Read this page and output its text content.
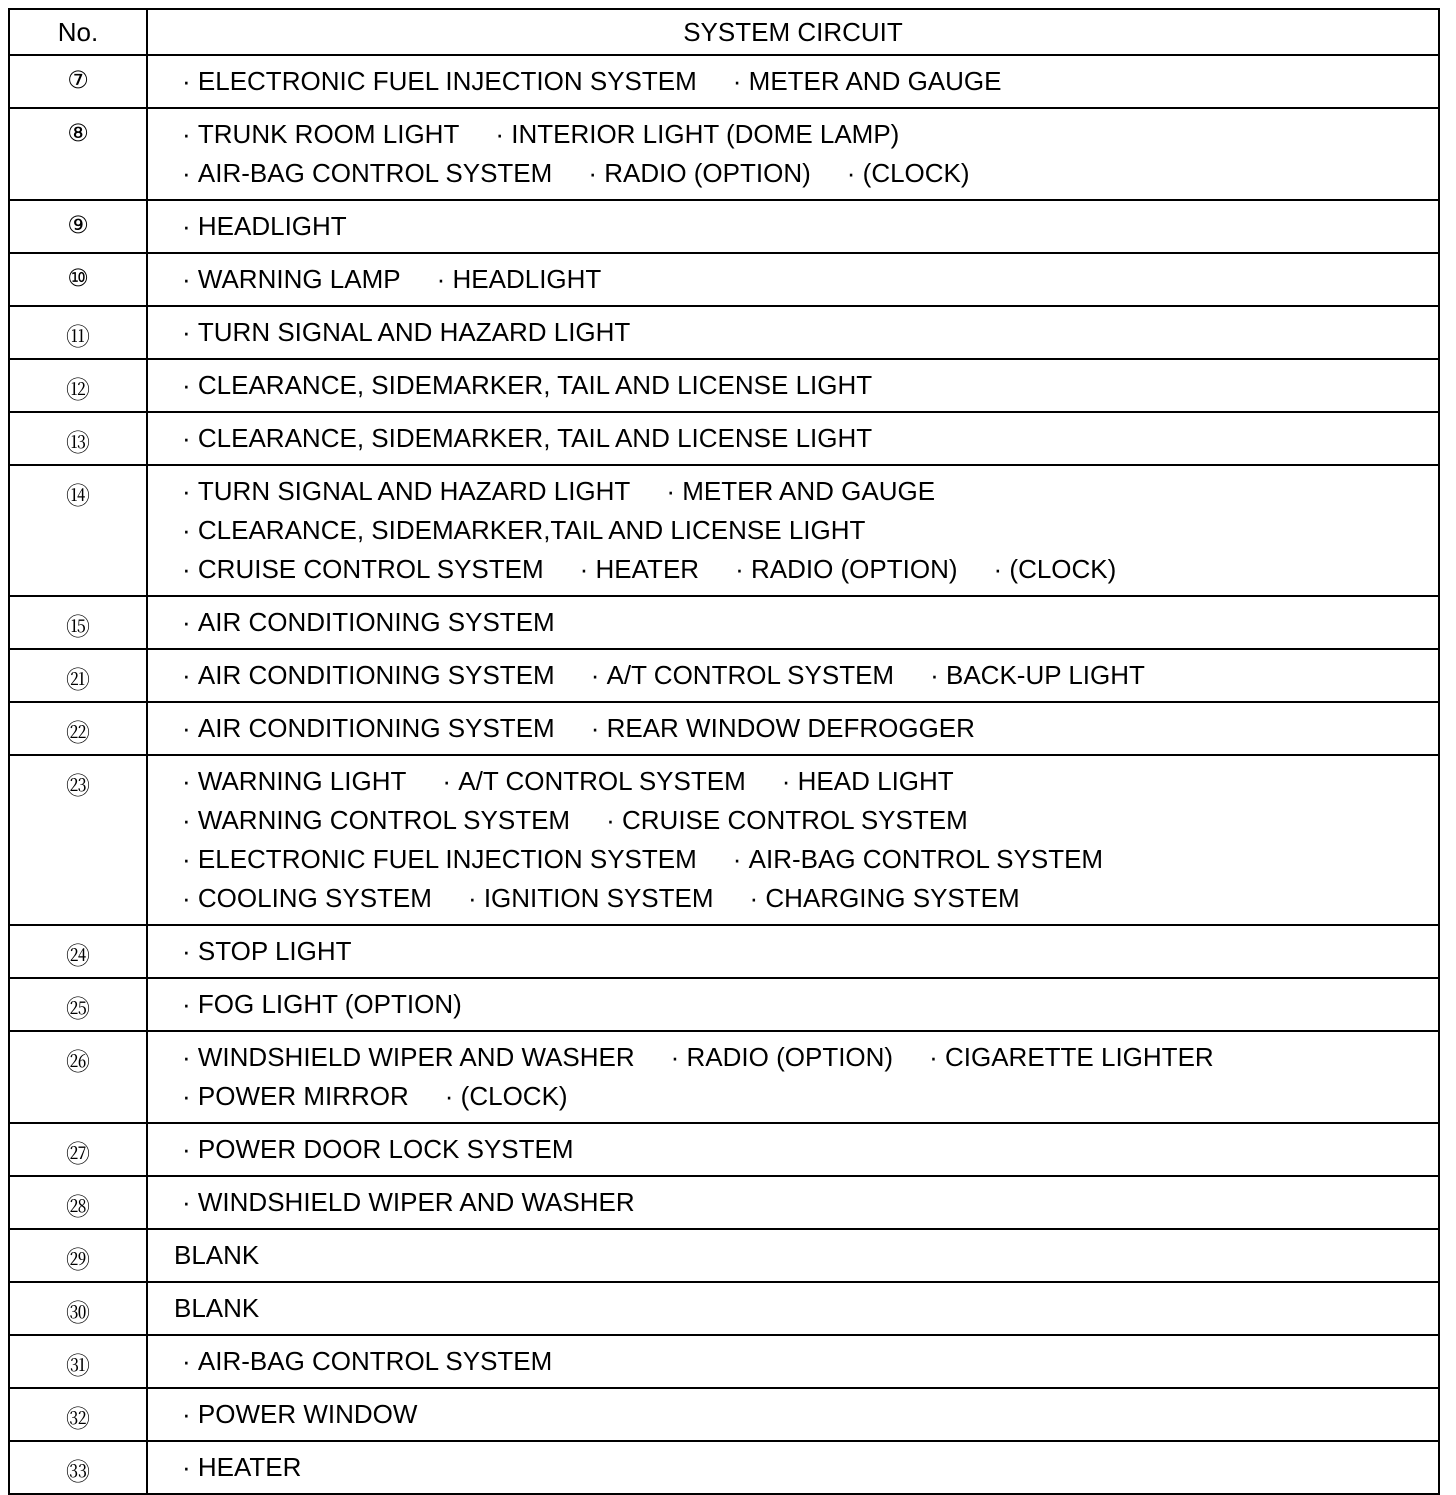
No.	SYSTEM CIRCUIT
⑦	· ELECTRONIC FUEL INJECTION SYSTEM · METER AND GAUGE

⑧	· TRUNK ROOM LIGHT · INTERIOR LIGHT (DOME LAMP)
· AIR-BAG CONTROL SYSTEM · RADIO (OPTION) · (CLOCK)

⑨	· HEADLIGHT

⑩	· WARNING LAMP · HEADLIGHT

⑪	· TURN SIGNAL AND HAZARD LIGHT

⑫	· CLEARANCE, SIDEMARKER, TAIL AND LICENSE LIGHT

⑬	· CLEARANCE, SIDEMARKER, TAIL AND LICENSE LIGHT

⑭	· TURN SIGNAL AND HAZARD LIGHT · METER AND GAUGE
· CLEARANCE, SIDEMARKER,TAIL AND LICENSE LIGHT
· CRUISE CONTROL SYSTEM · HEATER · RADIO (OPTION) · (CLOCK)

⑮	· AIR CONDITIONING SYSTEM

㉑	· AIR CONDITIONING SYSTEM · A/T CONTROL SYSTEM · BACK-UP LIGHT

㉒	· AIR CONDITIONING SYSTEM · REAR WINDOW DEFROGGER

㉓	· WARNING LIGHT · A/T CONTROL SYSTEM · HEAD LIGHT
· WARNING CONTROL SYSTEM · CRUISE CONTROL SYSTEM
· ELECTRONIC FUEL INJECTION SYSTEM · AIR-BAG CONTROL SYSTEM
· COOLING SYSTEM · IGNITION SYSTEM · CHARGING SYSTEM

㉔	· STOP LIGHT

㉕	· FOG LIGHT (OPTION)

㉖	· WINDSHIELD WIPER AND WASHER · RADIO (OPTION) · CIGARETTE LIGHTER
· POWER MIRROR · (CLOCK)

㉗	· POWER DOOR LOCK SYSTEM

㉘	· WINDSHIELD WIPER AND WASHER

㉙	BLANK

㉚	BLANK

㉛	· AIR-BAG CONTROL SYSTEM

㉜	· POWER WINDOW

㉝	· HEATER
